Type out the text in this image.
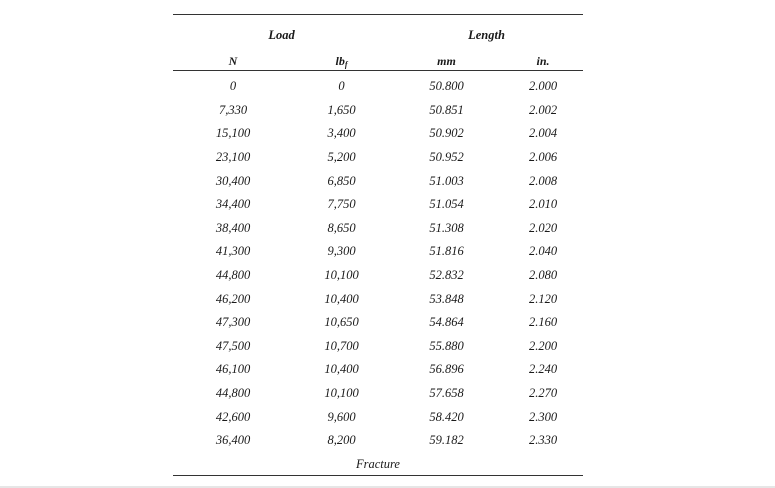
Load		Length	
N	$lb_f$	mm	in.
0	0	50.800	2.000
7,330	1,650	50.851	2.002
15,100	3,400	50.902	2.004
23,100	5,200	50.952	2.006
30,400	6,850	51.003	2.008
34,400	7,750	51.054	2.010
38,400	8,650	51.308	2.020
41,300	9,300	51.816	2.040
44,800	10,100	52.832	2.080
46,200	10,400	53.848	2.120
47,300	10,650	54.864	2.160
47,500	10,700	55.880	2.200
46,100	10,400	56.896	2.240
44,800	10,100	57.658	2.270
42,600	9,600	58.420	2.300
36,400	8,200	59.182	2.330
Fracture
